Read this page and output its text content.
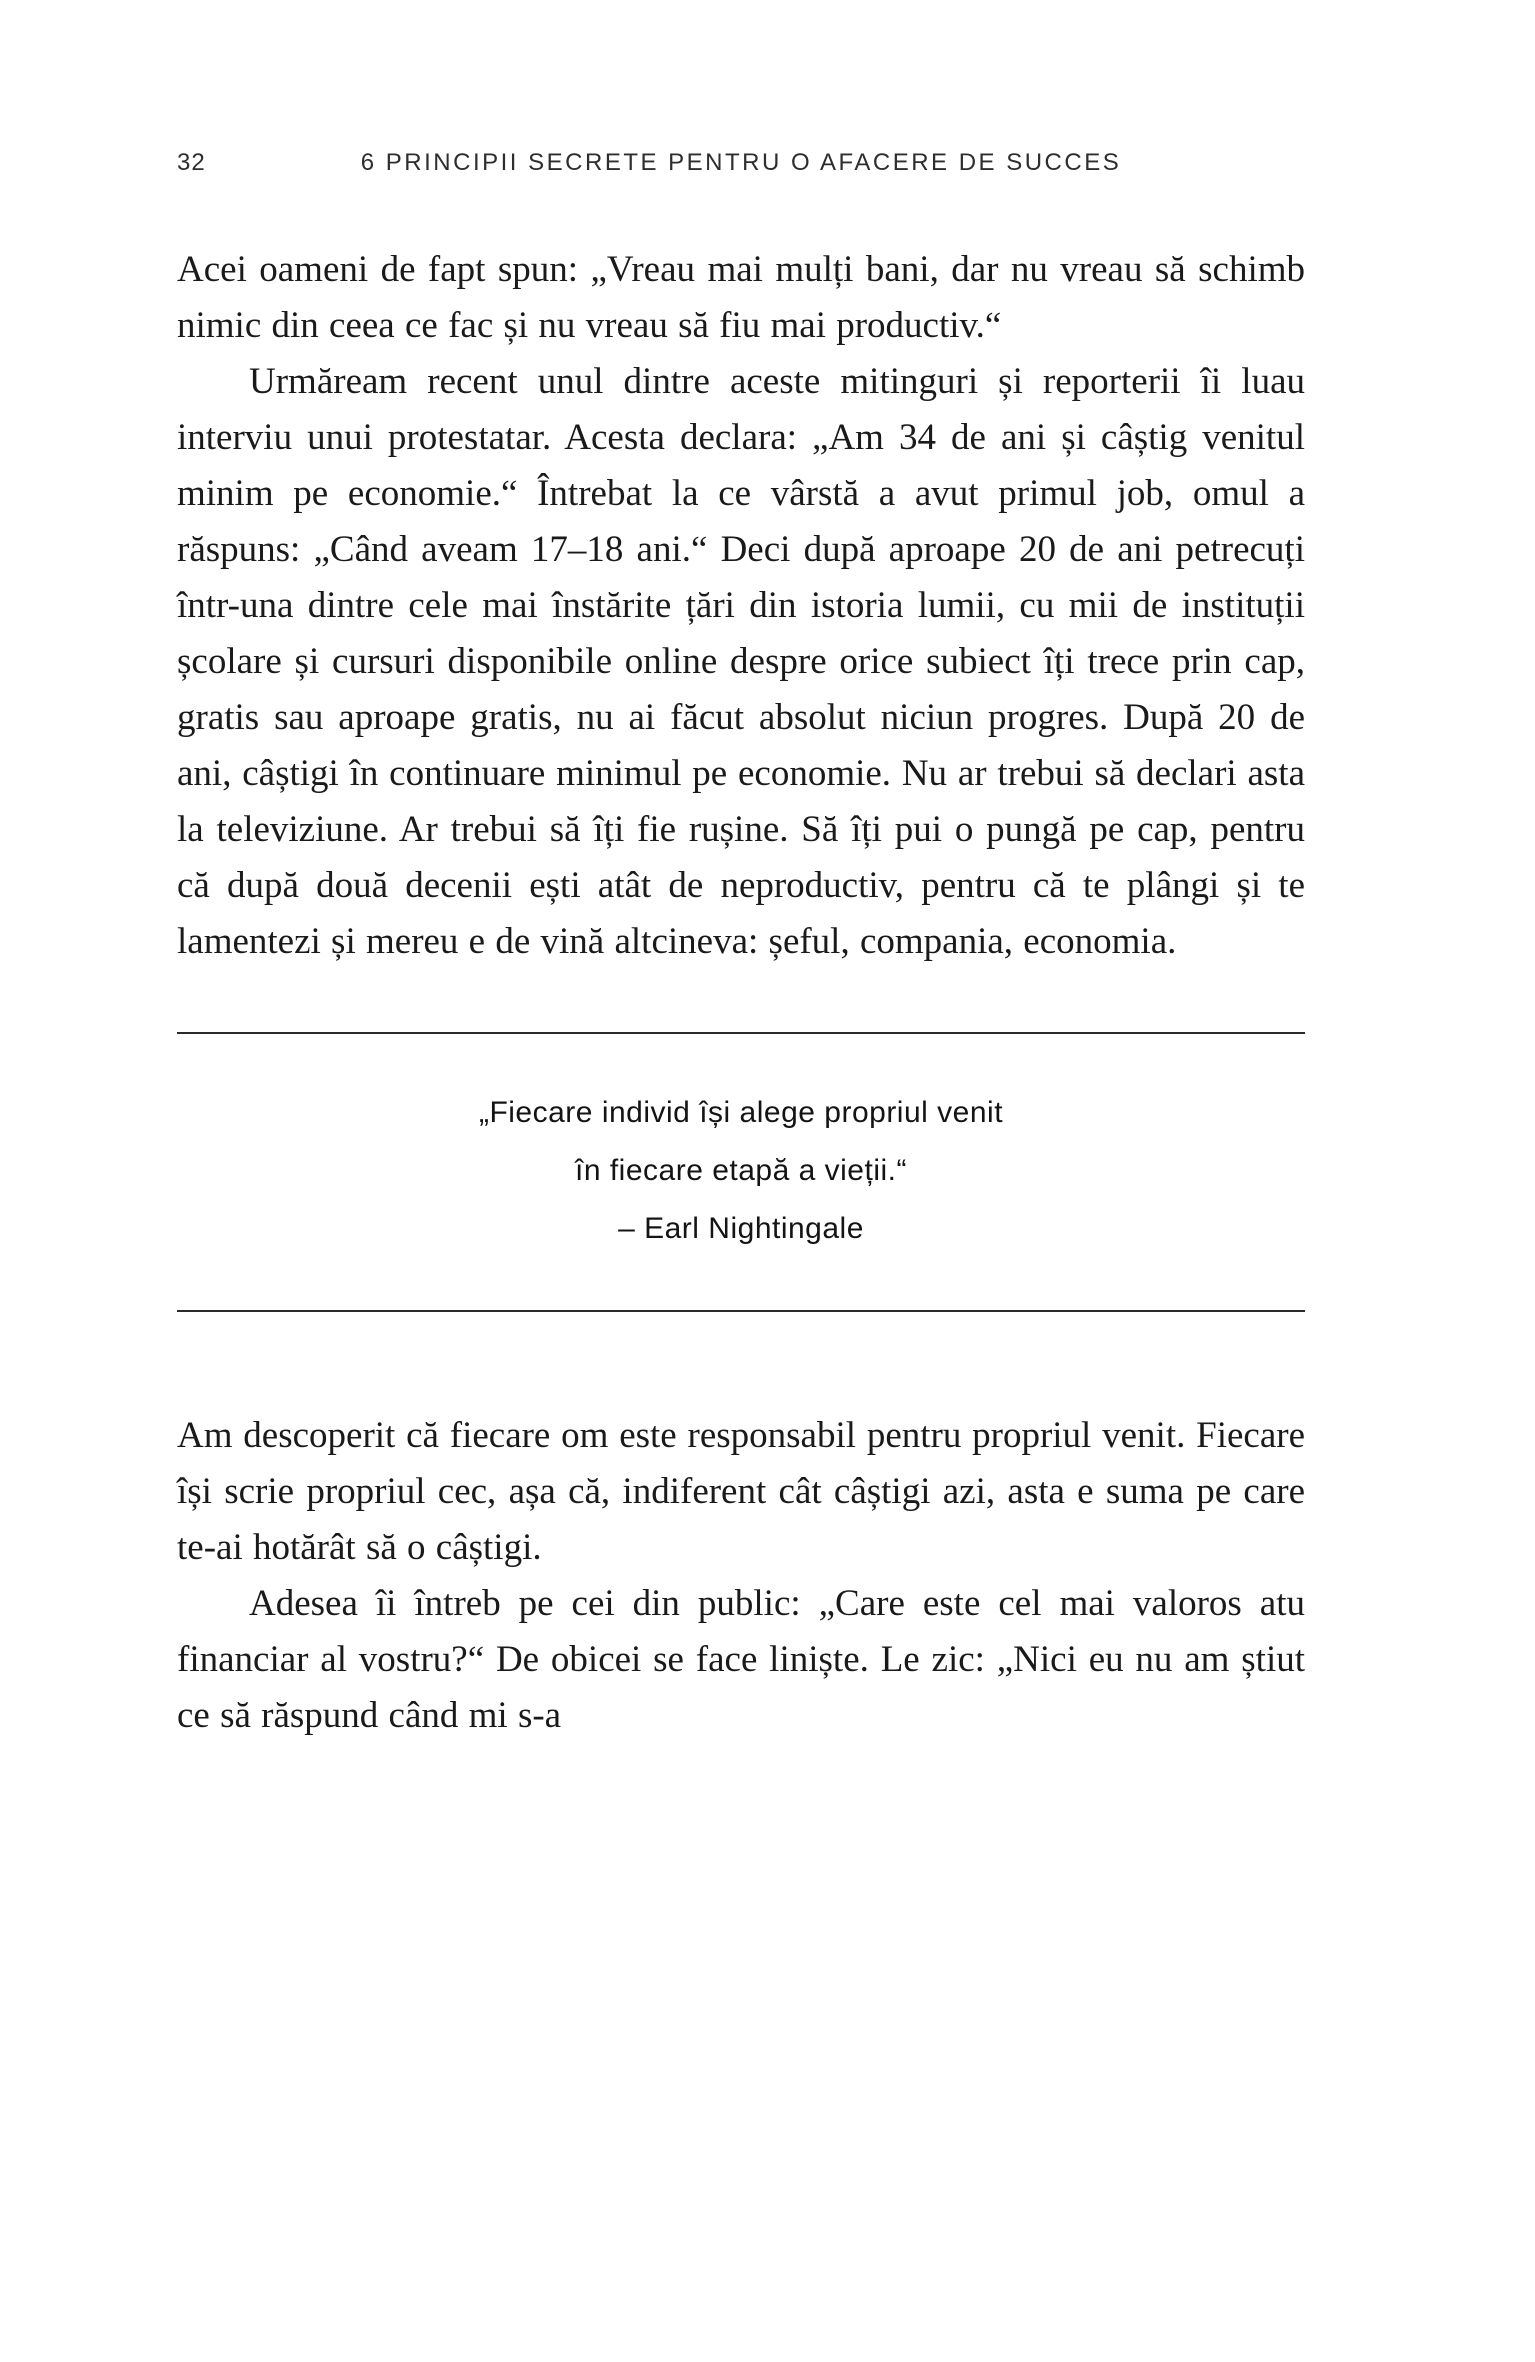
32	6 PRINCIPII SECRETE PENTRU O AFACERE DE SUCCES

Acei oameni de fapt spun: „Vreau mai mulți bani, dar nu vreau să schimb nimic din ceea ce fac și nu vreau să fiu mai productiv.“

Urmăream recent unul dintre aceste mitinguri și reporterii îi luau interviu unui protestatar. Acesta declara: „Am 34 de ani și câștig venitul minim pe economie.“ Întrebat la ce vârstă a avut primul job, omul a răspuns: „Când aveam 17–18 ani.“ Deci după aproape 20 de ani petrecuți într-una dintre cele mai înstărite țări din istoria lumii, cu mii de instituții școlare și cursuri disponibile online despre orice subiect îți trece prin cap, gratis sau aproape gratis, nu ai făcut absolut niciun progres. După 20 de ani, câștigi în continuare minimul pe economie. Nu ar trebui să declari asta la televiziune. Ar trebui să îți fie rușine. Să îți pui o pungă pe cap, pentru că după două decenii ești atât de neproductiv, pentru că te plângi și te lamentezi și mereu e de vină altcineva: șeful, compania, economia.

„Fiecare individ își alege propriul venit
în fiecare etapă a vieții.“
– Earl Nightingale

Am descoperit că fiecare om este responsabil pentru propriul venit. Fiecare își scrie propriul cec, așa că, indiferent cât câștigi azi, asta e suma pe care te-ai hotărât să o câștigi.

Adesea îi întreb pe cei din public: „Care este cel mai valoros atu financiar al vostru?“ De obicei se face liniște. Le zic: „Nici eu nu am știut ce să răspund când mi s-a
